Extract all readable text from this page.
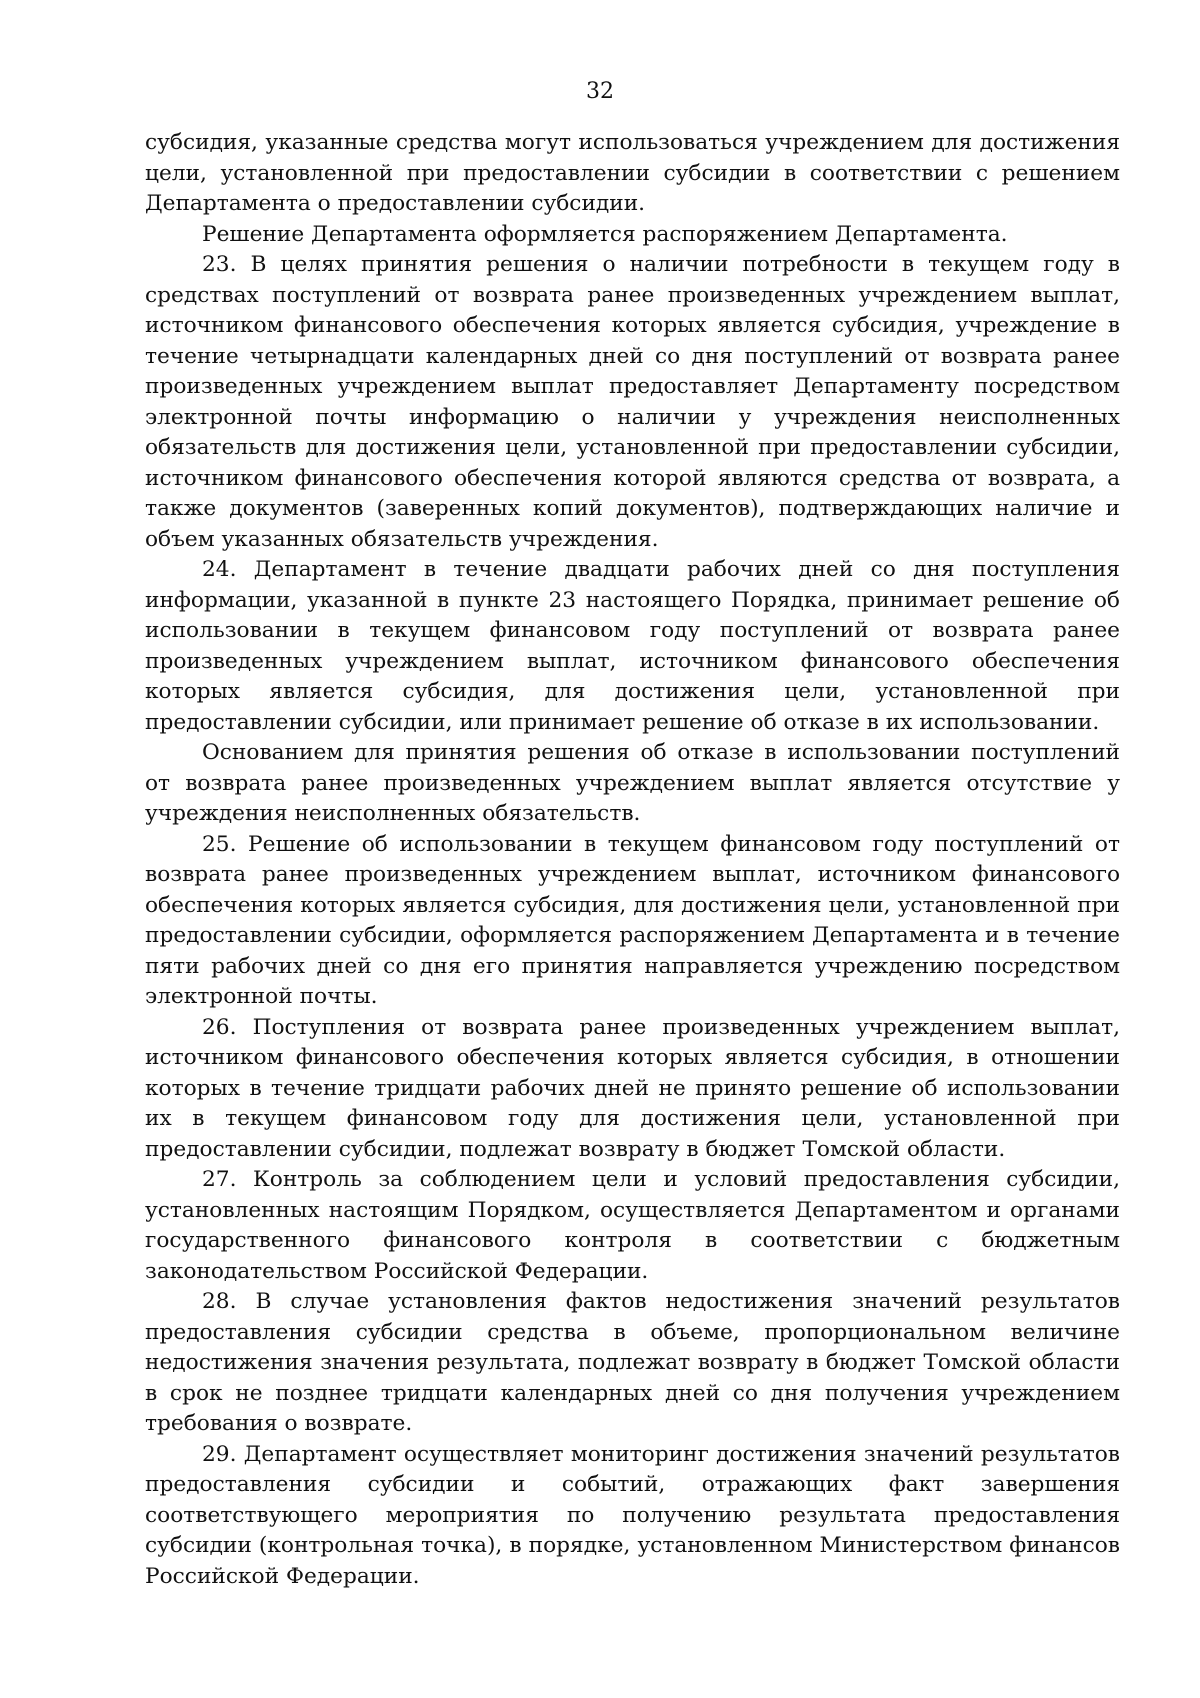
32

субсидия, указанные средства могут использоваться учреждением для достижения цели, установленной при предоставлении субсидии в соответствии с решением Департамента о предоставлении субсидии.

Решение Департамента оформляется распоряжением Департамента.

23. В целях принятия решения о наличии потребности в текущем году в средствах поступлений от возврата ранее произведенных учреждением выплат, источником финансового обеспечения которых является субсидия, учреждение в течение четырнадцати календарных дней со дня поступлений от возврата ранее произведенных учреждением выплат предоставляет Департаменту посредством электронной почты информацию о наличии у учреждения неисполненных обязательств для достижения цели, установленной при предоставлении субсидии, источником финансового обеспечения которой являются средства от возврата, а также документов (заверенных копий документов), подтверждающих наличие и объем указанных обязательств учреждения.

24. Департамент в течение двадцати рабочих дней со дня поступления информации, указанной в пункте 23 настоящего Порядка, принимает решение об использовании в текущем финансовом году поступлений от возврата ранее произведенных учреждением выплат, источником финансового обеспечения которых является субсидия, для достижения цели, установленной при предоставлении субсидии, или принимает решение об отказе в их использовании.

Основанием для принятия решения об отказе в использовании поступлений от возврата ранее произведенных учреждением выплат является отсутствие у учреждения неисполненных обязательств.

25. Решение об использовании в текущем финансовом году поступлений от возврата ранее произведенных учреждением выплат, источником финансового обеспечения которых является субсидия, для достижения цели, установленной при предоставлении субсидии, оформляется распоряжением Департамента и в течение пяти рабочих дней со дня его принятия направляется учреждению посредством электронной почты.

26. Поступления от возврата ранее произведенных учреждением выплат, источником финансового обеспечения которых является субсидия, в отношении которых в течение тридцати рабочих дней не принято решение об использовании их в текущем финансовом году для достижения цели, установленной при предоставлении субсидии, подлежат возврату в бюджет Томской области.

27. Контроль за соблюдением цели и условий предоставления субсидии, установленных настоящим Порядком, осуществляется Департаментом и органами государственного финансового контроля в соответствии с бюджетным законодательством Российской Федерации.

28. В случае установления фактов недостижения значений результатов предоставления субсидии средства в объеме, пропорциональном величине недостижения значения результата, подлежат возврату в бюджет Томской области в срок не позднее тридцати календарных дней со дня получения учреждением требования о возврате.

29. Департамент осуществляет мониторинг достижения значений результатов предоставления субсидии и событий, отражающих факт завершения соответствующего мероприятия по получению результата предоставления субсидии (контрольная точка), в порядке, установленном Министерством финансов Российской Федерации.
